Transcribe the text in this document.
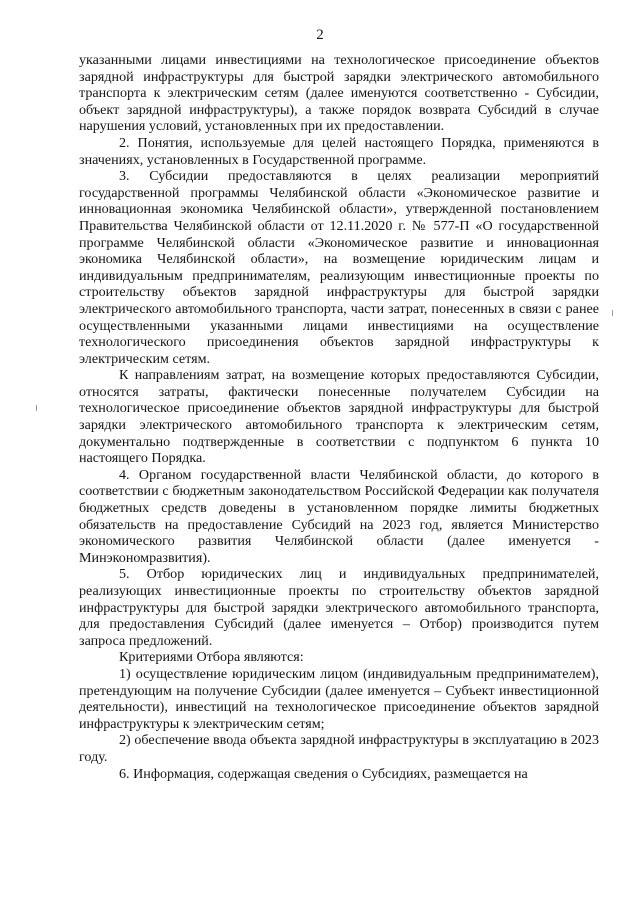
2

указанными лицами инвестициями на технологическое присоединение объектов зарядной инфраструктуры для быстрой зарядки электрического автомобильного транспорта к электрическим сетям (далее именуются соответственно - Субсидии, объект зарядной инфраструктуры), а также порядок возврата Субсидий в случае нарушения условий, установленных при их предоставлении.

2. Понятия, используемые для целей настоящего Порядка, применяются в значениях, установленных в Государственной программе.

3. Субсидии предоставляются в целях реализации мероприятий государственной программы Челябинской области «Экономическое развитие и инновационная экономика Челябинской области», утвержденной постановлением Правительства Челябинской области от 12.11.2020 г. № 577-П «О государственной программе Челябинской области «Экономическое развитие и инновационная экономика Челябинской области», на возмещение юридическим лицам и индивидуальным предпринимателям, реализующим инвестиционные проекты по строительству объектов зарядной инфраструктуры для быстрой зарядки электрического автомобильного транспорта, части затрат, понесенных в связи с ранее осуществленными указанными лицами инвестициями на осуществление технологического присоединения объектов зарядной инфраструктуры к электрическим сетям.

К направлениям затрат, на возмещение которых предоставляются Субсидии, относятся затраты, фактически понесенные получателем Субсидии на технологическое присоединение объектов зарядной инфраструктуры для быстрой зарядки электрического автомобильного транспорта к электрическим сетям, документально подтвержденные в соответствии с подпунктом 6 пункта 10 настоящего Порядка.

4. Органом государственной власти Челябинской области, до которого в соответствии с бюджетным законодательством Российской Федерации как получателя бюджетных средств доведены в установленном порядке лимиты бюджетных обязательств на предоставление Субсидий на 2023 год, является Министерство экономического развития Челябинской области (далее именуется - Минэкономразвития).

5. Отбор юридических лиц и индивидуальных предпринимателей, реализующих инвестиционные проекты по строительству объектов зарядной инфраструктуры для быстрой зарядки электрического автомобильного транспорта, для предоставления Субсидий (далее именуется – Отбор) производится путем запроса предложений.

Критериями Отбора являются:

1) осуществление юридическим лицом (индивидуальным предпринимателем), претендующим на получение Субсидии (далее именуется – Субъект инвестиционной деятельности), инвестиций на технологическое присоединение объектов зарядной инфраструктуры к электрическим сетям;

2) обеспечение ввода объекта зарядной инфраструктуры в эксплуатацию в 2023 году.

6. Информация, содержащая сведения о Субсидиях, размещается на
